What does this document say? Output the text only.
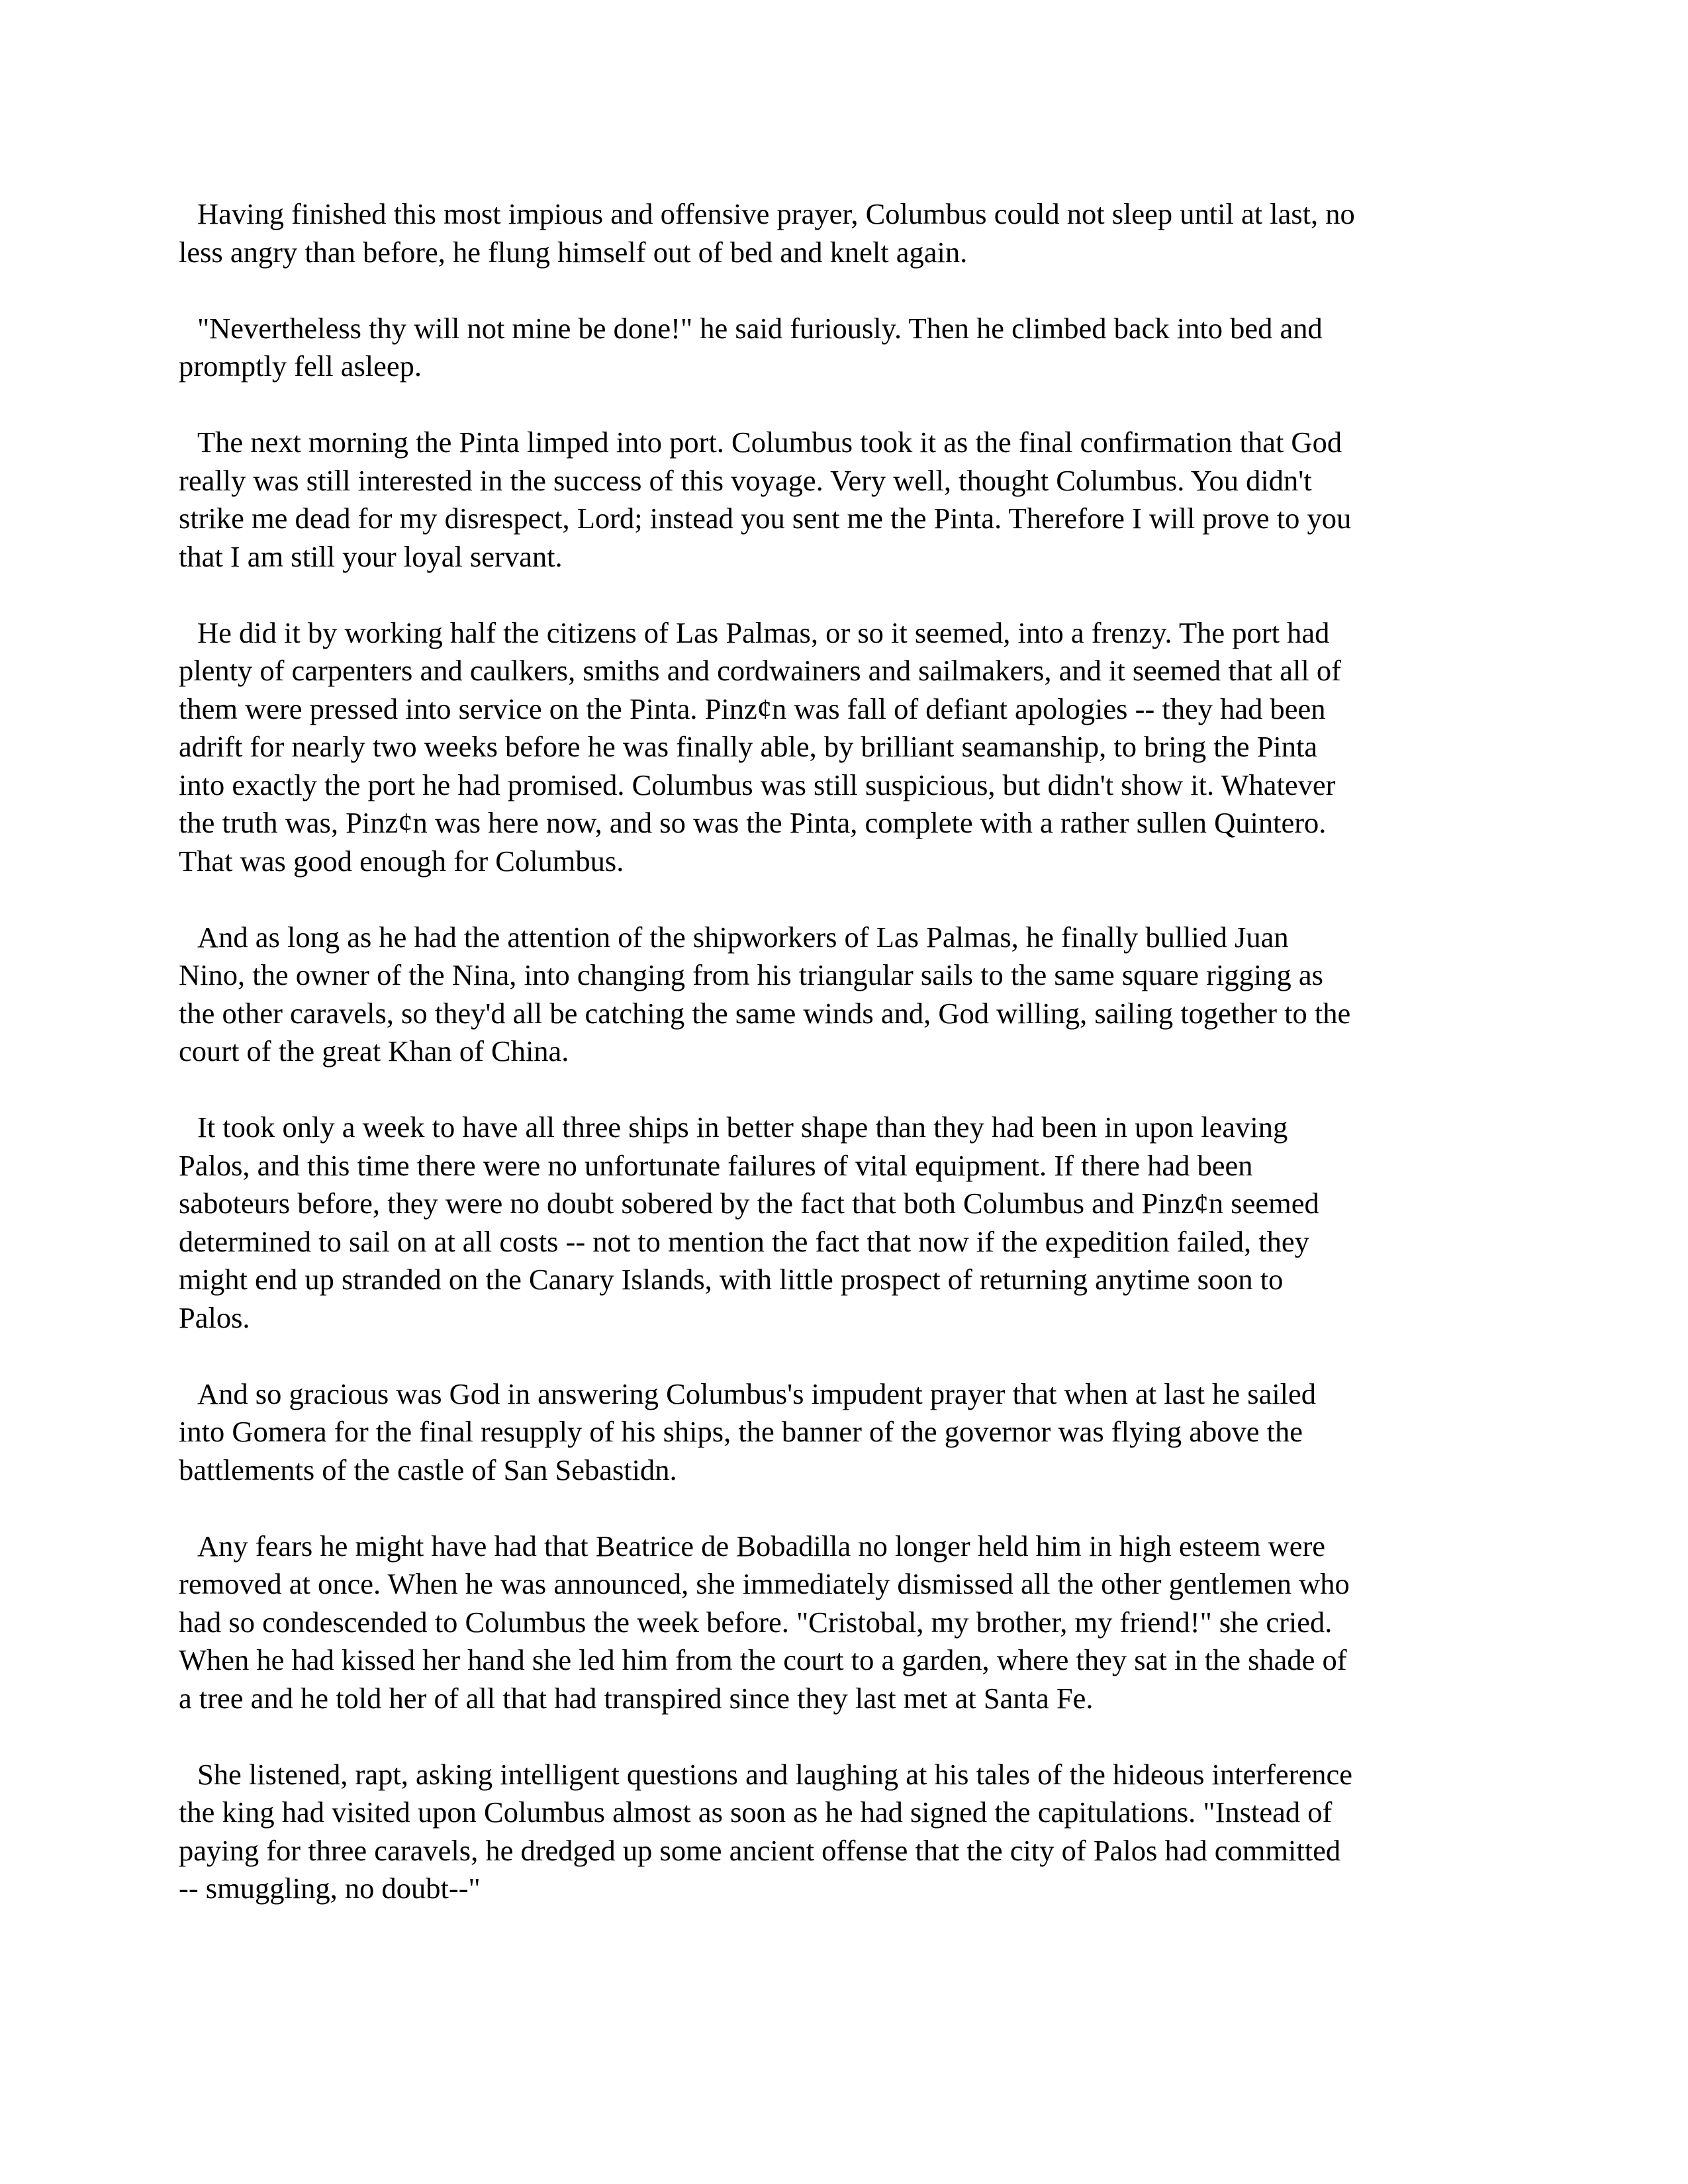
Having finished this most impious and offensive prayer, Columbus could not sleep until at last, no
less angry than before, he flung himself out of bed and knelt again.

"Nevertheless thy will not mine be done!" he said furiously. Then he climbed back into bed and
promptly fell asleep.

The next morning the Pinta limped into port. Columbus took it as the final confirmation that God
really was still interested in the success of this voyage. Very well, thought Columbus. You didn't
strike me dead for my disrespect, Lord; instead you sent me the Pinta. Therefore I will prove to you
that I am still your loyal servant.

He did it by working half the citizens of Las Palmas, or so it seemed, into a frenzy. The port had
plenty of carpenters and caulkers, smiths and cordwainers and sailmakers, and it seemed that all of
them were pressed into service on the Pinta. Pinz¢n was fall of defiant apologies -- they had been
adrift for nearly two weeks before he was finally able, by brilliant seamanship, to bring the Pinta
into exactly the port he had promised. Columbus was still suspicious, but didn't show it. Whatever
the truth was, Pinz¢n was here now, and so was the Pinta, complete with a rather sullen Quintero.
That was good enough for Columbus.

And as long as he had the attention of the shipworkers of Las Palmas, he finally bullied Juan
Nino, the owner of the Nina, into changing from his triangular sails to the same square rigging as
the other caravels, so they'd all be catching the same winds and, God willing, sailing together to the
court of the great Khan of China.

It took only a week to have all three ships in better shape than they had been in upon leaving
Palos, and this time there were no unfortunate failures of vital equipment. If there had been
saboteurs before, they were no doubt sobered by the fact that both Columbus and Pinz¢n seemed
determined to sail on at all costs -- not to mention the fact that now if the expedition failed, they
might end up stranded on the Canary Islands, with little prospect of returning anytime soon to
Palos.

And so gracious was God in answering Columbus's impudent prayer that when at last he sailed
into Gomera for the final resupply of his ships, the banner of the governor was flying above the
battlements of the castle of San Sebastidn.

Any fears he might have had that Beatrice de Bobadilla no longer held him in high esteem were
removed at once. When he was announced, she immediately dismissed all the other gentlemen who
had so condescended to Columbus the week before. "Cristobal, my brother, my friend!" she cried.
When he had kissed her hand she led him from the court to a garden, where they sat in the shade of
a tree and he told her of all that had transpired since they last met at Santa Fe.

She listened, rapt, asking intelligent questions and laughing at his tales of the hideous interference
the king had visited upon Columbus almost as soon as he had signed the capitulations. "Instead of
paying for three caravels, he dredged up some ancient offense that the city of Palos had committed
-- smuggling, no doubt--"
